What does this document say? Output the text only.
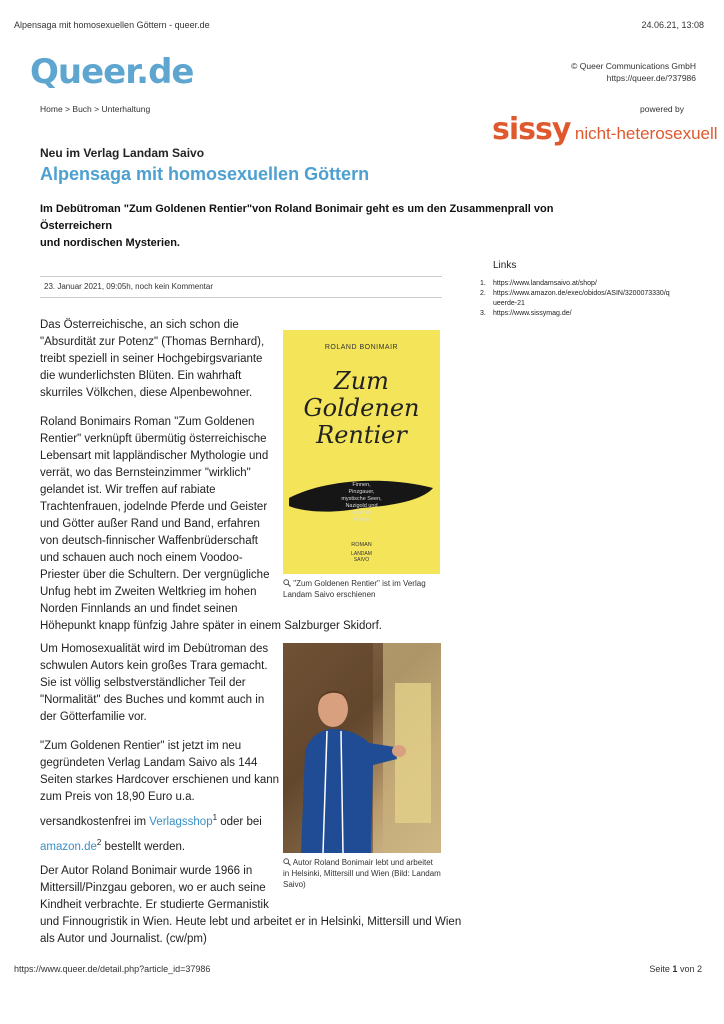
Alpensaga mit homosexuellen Göttern - queer.de	24.06.21, 13:08
Queer.de	© Queer Communications GmbH
https://queer.de/?37986
Home > Buch > Unterhaltung	powered by
sissy nicht-heterosexuell
Neu im Verlag Landam Saivo
Alpensaga mit homosexuellen Göttern
Im Debütroman "Zum Goldenen Rentier"von Roland Bonimair geht es um den Zusammenprall von Österreichern
und nordischen Mysterien.
23. Januar 2021, 09:05h, noch kein Kommentar

Das Österreichische, an sich schon die

"Absurdität zur Potenz" (Thomas Bernhard),

treibt speziell in seiner Hochgebirgsvariante

die wunderlichsten Blüten. Ein wahrhaft

skurriles Völkchen, diese Alpenbewohner.

Roland Bonimairs Roman "Zum Goldenen

Rentier" verknüpft übermütig österreichische

Lebensart mit lappländischer Mythologie und

verrät, wo das Bernsteinzimmer "wirklich"

gelandet ist. Wir treffen auf rabiate

Trachtenfrauen, jodelnde Pferde und Geister

und Götter außer Rand und Band, erfahren

von deutsch-finnischer Waffenbrüderschaft

und schauen auch noch einem Voodoo-

Priester über die Schultern. Der vergnügliche

Unfug hebt im Zweiten Weltkrieg im hohen

Norden Finnlands an und findet seinen

Höhepunkt knapp fünfzig Jahre später in einem Salzburger Skidorf.

ROLAND BONIMAIR
Zum
Goldenen
Rentier
Finnen,
Pinzgauer,
mystische Seen,
Nazigold und
jodelnde
Pferde
ROMAN
LANDAM
SAIVO
"Zum Goldenen Rentier" ist im Verlag
Landam Saivo erschienen

Um Homosexualität wird im Debütroman des

schwulen Autors kein großes Trara gemacht.

Sie ist völlig selbstverständlicher Teil der

"Normalität" des Buches und kommt auch in

der Götterfamilie vor.

"Zum Goldenen Rentier" ist jetzt im neu

gegründeten Verlag Landam Saivo als 144

Seiten starkes Hardcover erschienen und kann

zum Preis von 18,90 Euro u.a.

versandkostenfrei im Verlagsshop$^1$ oder bei

$amazon.de^2$ bestellt werden.

Autor Roland Bonimair lebt und arbeitet
in Helsinki, Mittersill und Wien (Bild: Landam
Saivo)

Der Autor Roland Bonimair wurde 1966 in

Mittersill/Pinzgau geboren, wo er auch seine

Kindheit verbrachte. Er studierte Germanistik

und Finnougristik in Wien. Heute lebt und arbeitet er in Helsinki, Mittersill und Wien

als Autor und Journalist. (cw/pm)

Links
1.	https://www.landamsaivo.at/shop/
2.	https://www.amazon.de/exec/obidos/ASIN/3200073330/q
ueerde-21
3.	https://www.sissymag.de/
https://www.queer.de/detail.php?article_id=37986	Seite 1 von 2
